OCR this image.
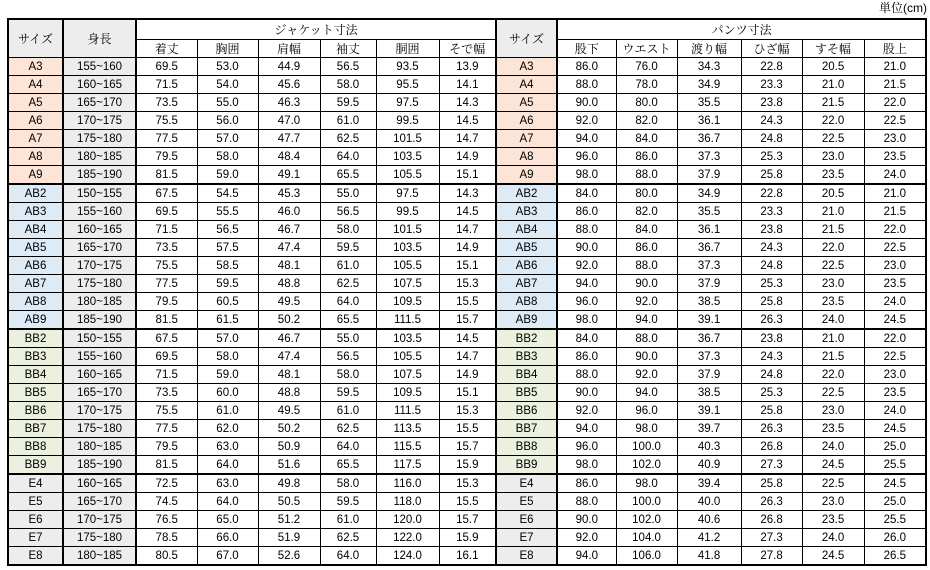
単位(cm)
サイズ	身長	ジャケット寸法						サイズ	パンツ寸法					
		着丈	胸囲	肩幅	袖丈	胴囲	そで幅		股下	ウエスト	渡り幅	ひざ幅	すそ幅	股上
A3	155~160	69.5	53.0	44.9	56.5	93.5	13.9	A3	86.0	76.0	34.3	22.8	20.5	21.0
A4	160~165	71.5	54.0	45.6	58.0	95.5	14.1	A4	88.0	78.0	34.9	23.3	21.0	21.5
A5	165~170	73.5	55.0	46.3	59.5	97.5	14.3	A5	90.0	80.0	35.5	23.8	21.5	22.0
A6	170~175	75.5	56.0	47.0	61.0	99.5	14.5	A6	92.0	82.0	36.1	24.3	22.0	22.5
A7	175~180	77.5	57.0	47.7	62.5	101.5	14.7	A7	94.0	84.0	36.7	24.8	22.5	23.0
A8	180~185	79.5	58.0	48.4	64.0	103.5	14.9	A8	96.0	86.0	37.3	25.3	23.0	23.5
A9	185~190	81.5	59.0	49.1	65.5	105.5	15.1	A9	98.0	88.0	37.9	25.8	23.5	24.0
AB2	150~155	67.5	54.5	45.3	55.0	97.5	14.3	AB2	84.0	80.0	34.9	22.8	20.5	21.0
AB3	155~160	69.5	55.5	46.0	56.5	99.5	14.5	AB3	86.0	82.0	35.5	23.3	21.0	21.5
AB4	160~165	71.5	56.5	46.7	58.0	101.5	14.7	AB4	88.0	84.0	36.1	23.8	21.5	22.0
AB5	165~170	73.5	57.5	47.4	59.5	103.5	14.9	AB5	90.0	86.0	36.7	24.3	22.0	22.5
AB6	170~175	75.5	58.5	48.1	61.0	105.5	15.1	AB6	92.0	88.0	37.3	24.8	22.5	23.0
AB7	175~180	77.5	59.5	48.8	62.5	107.5	15.3	AB7	94.0	90.0	37.9	25.3	23.0	23.5
AB8	180~185	79.5	60.5	49.5	64.0	109.5	15.5	AB8	96.0	92.0	38.5	25.8	23.5	24.0
AB9	185~190	81.5	61.5	50.2	65.5	111.5	15.7	AB9	98.0	94.0	39.1	26.3	24.0	24.5
BB2	150~155	67.5	57.0	46.7	55.0	103.5	14.5	BB2	84.0	88.0	36.7	23.8	21.0	22.0
BB3	155~160	69.5	58.0	47.4	56.5	105.5	14.7	BB3	86.0	90.0	37.3	24.3	21.5	22.5
BB4	160~165	71.5	59.0	48.1	58.0	107.5	14.9	BB4	88.0	92.0	37.9	24.8	22.0	23.0
BB5	165~170	73.5	60.0	48.8	59.5	109.5	15.1	BB5	90.0	94.0	38.5	25.3	22.5	23.5
BB6	170~175	75.5	61.0	49.5	61.0	111.5	15.3	BB6	92.0	96.0	39.1	25.8	23.0	24.0
BB7	175~180	77.5	62.0	50.2	62.5	113.5	15.5	BB7	94.0	98.0	39.7	26.3	23.5	24.5
BB8	180~185	79.5	63.0	50.9	64.0	115.5	15.7	BB8	96.0	100.0	40.3	26.8	24.0	25.0
BB9	185~190	81.5	64.0	51.6	65.5	117.5	15.9	BB9	98.0	102.0	40.9	27.3	24.5	25.5
E4	160~165	72.5	63.0	49.8	58.0	116.0	15.3	E4	86.0	98.0	39.4	25.8	22.5	24.5
E5	165~170	74.5	64.0	50.5	59.5	118.0	15.5	E5	88.0	100.0	40.0	26.3	23.0	25.0
E6	170~175	76.5	65.0	51.2	61.0	120.0	15.7	E6	90.0	102.0	40.6	26.8	23.5	25.5
E7	175~180	78.5	66.0	51.9	62.5	122.0	15.9	E7	92.0	104.0	41.2	27.3	24.0	26.0
E8	180~185	80.5	67.0	52.6	64.0	124.0	16.1	E8	94.0	106.0	41.8	27.8	24.5	26.5
